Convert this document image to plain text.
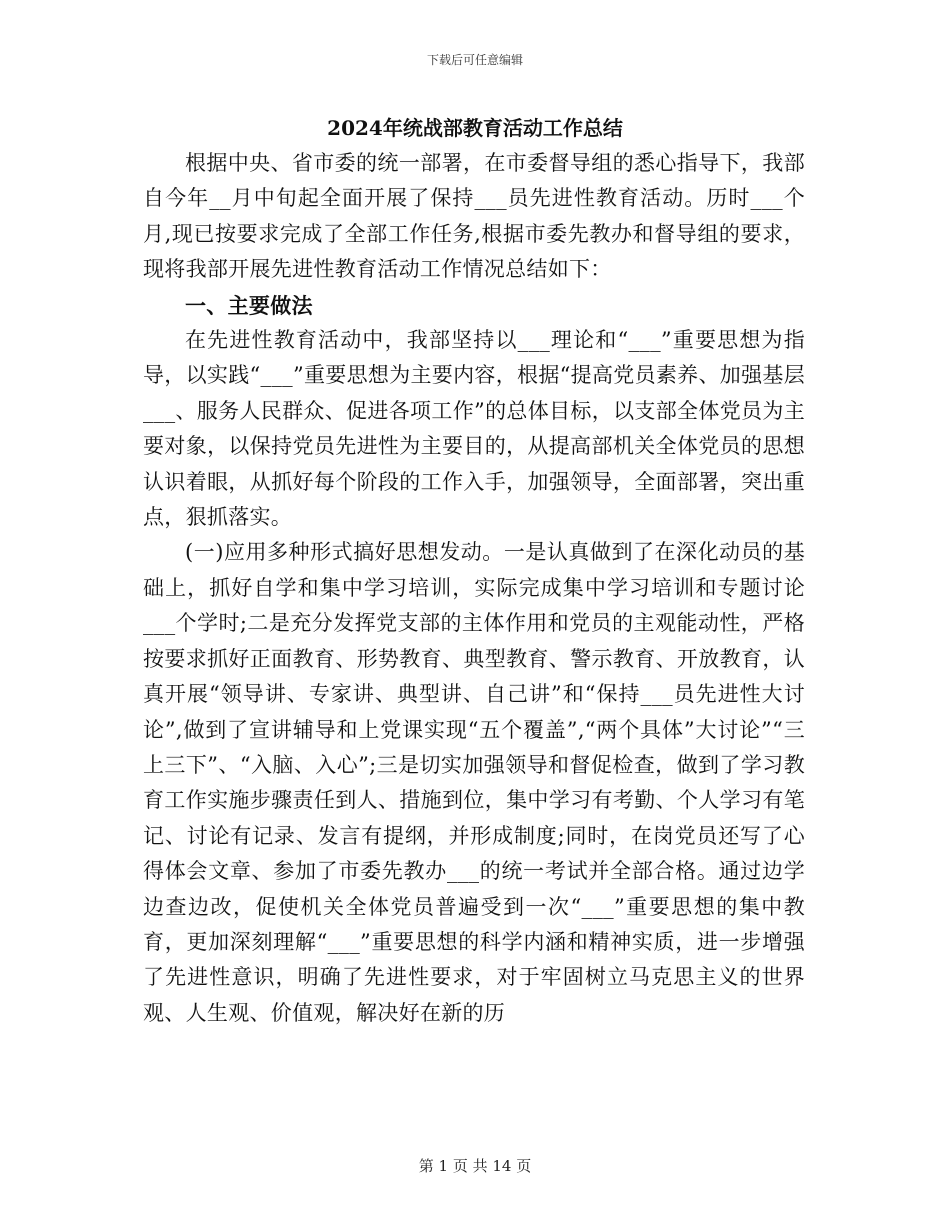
下载后可任意编辑
2024年统战部教育活动工作总结

根据中央、省市委的统一部署，在市委督导组的悉心指导下，我部自今年__月中旬起全面开展了保持___员先进性教育活动。历时___个月,现已按要求完成了全部工作任务,根据市委先教办和督导组的要求，现将我部开展先进性教育活动工作情况总结如下：

一、主要做法

在先进性教育活动中，我部坚持以___理论和“___”重要思想为指导，以实践“___”重要思想为主要内容，根据“提高党员素养、加强基层___、服务人民群众、促进各项工作”的总体目标，以支部全体党员为主要对象，以保持党员先进性为主要目的，从提高部机关全体党员的思想认识着眼，从抓好每个阶段的工作入手，加强领导，全面部署，突出重点，狠抓落实。

(一)应用多种形式搞好思想发动。一是认真做到了在深化动员的基础上，抓好自学和集中学习培训，实际完成集中学习培训和专题讨论___个学时;二是充分发挥党支部的主体作用和党员的主观能动性，严格按要求抓好正面教育、形势教育、典型教育、警示教育、开放教育，认真开展“领导讲、专家讲、典型讲、自己讲”和“保持___员先进性大讨论”,做到了宣讲辅导和上党课实现“五个覆盖”,“两个具体”大讨论”“三上三下”、“入脑、入心”;三是切实加强领导和督促检查，做到了学习教育工作实施步骤责任到人、措施到位，集中学习有考勤、个人学习有笔记、讨论有记录、发言有提纲，并形成制度;同时，在岗党员还写了心得体会文章、参加了市委先教办___的统一考试并全部合格。通过边学边查边改，促使机关全体党员普遍受到一次“___”重要思想的集中教育，更加深刻理解“___”重要思想的科学内涵和精神实质，进一步增强了先进性意识，明确了先进性要求，对于牢固树立马克思主义的世界观、人生观、价值观，解决好在新的历

第 1 页 共 14 页
